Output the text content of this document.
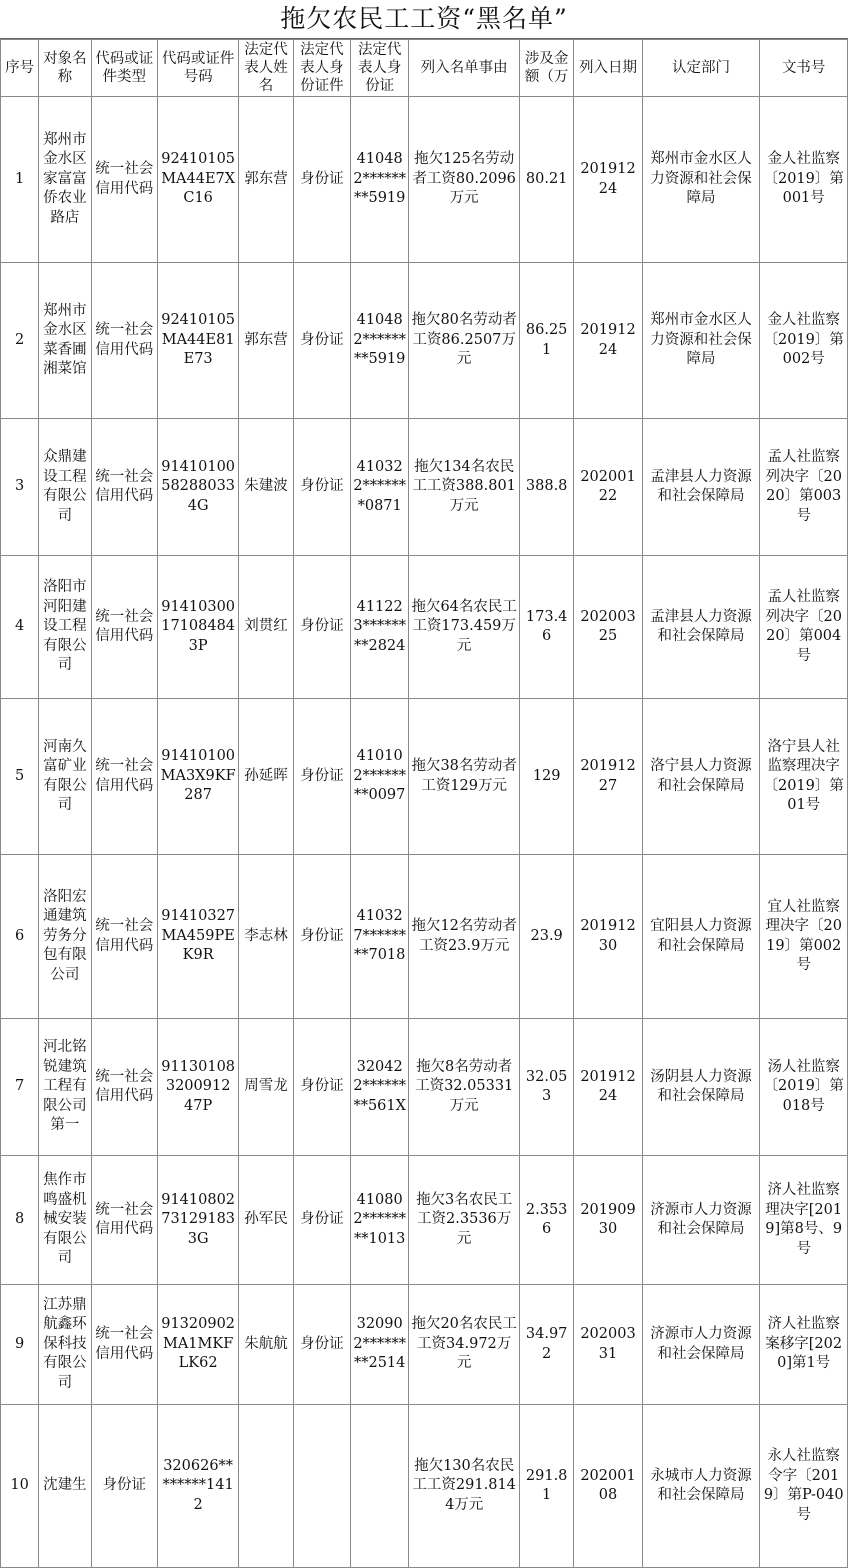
拖欠农民工工资“黑名单”
序号	对象名称	代码或证件类型	代码或证件号码	法定代表人姓名	法定代表人身份证件	法定代表人身份证	列入名单事由	涉及金额（万	列入日期	认定部门	文书号
1	郑州市金水区家富富侨农业路店	统一社会信用代码	92410105MA44E7XC16	郭东营	身份证	410482********5919	拖欠125名劳动者工资80.2096万元	80.21	20191224	郑州市金水区人力资源和社会保障局	金人社监察〔2019〕第001号
2	郑州市金水区菜香圃湘菜馆	统一社会信用代码	92410105MA44E81E73	郭东营	身份证	410482********5919	拖欠80名劳动者工资86.2507万元	86.251	20191224	郑州市金水区人力资源和社会保障局	金人社监察〔2019〕第002号
3	众鼎建设工程有限公司	统一社会信用代码	91410100582880334G	朱建波	身份证	410322*******0871	拖欠134名农民工工资388.801万元	388.8	20200122	孟津县人力资源和社会保障局	孟人社监察列决字〔2020〕第003号
4	洛阳市河阳建设工程有限公司	统一社会信用代码	91410300171084843P	刘贯红	身份证	411223********2824	拖欠64名农民工工资173.459万元	173.46	20200325	孟津县人力资源和社会保障局	孟人社监察列决字〔2020〕第004号
5	河南久富矿业有限公司	统一社会信用代码	91410100MA3X9KF287	孙延晖	身份证	410102********0097	拖欠38名劳动者工资129万元	129	20191227	洛宁县人力资源和社会保障局	洛宁县人社监察理决字〔2019〕第01号
6	洛阳宏通建筑劳务分包有限公司	统一社会信用代码	91410327MA459PEK9R	李志林	身份证	410327********7018	拖欠12名劳动者工资23.9万元	23.9	20191230	宜阳县人力资源和社会保障局	宜人社监察理决字〔2019〕第002号
7	河北铭锐建筑工程有限公司第一	统一社会信用代码	911301083200912 47P	周雪龙	身份证	320422********561X	拖欠8名劳动者工资32.05331万元	32.053	20191224	汤阴县人力资源和社会保障局	汤人社监察〔2019〕第018号
8	焦作市鸣盛机械安装有限公司	统一社会信用代码	91410802731291833G	孙军民	身份证	410802********1013	拖欠3名农民工工资2.3536万元	2.3536	20190930	济源市人力资源和社会保障局	济人社监察理决字[2019]第8号、9号
9	江苏鼎航鑫环保科技有限公司	统一社会信用代码	91320902MA1MKFLK62	朱航航	身份证	320902********2514	拖欠20名农民工工资34.972万元	34.972	20200331	济源市人力资源和社会保障局	济人社监察案移字[2020]第1号
10	沈建生	身份证	320626********1412				拖欠130名农民工工资291.8144万元	291.81	20200108	永城市人力资源和社会保障局	永人社监察令字〔2019〕第P-040号
